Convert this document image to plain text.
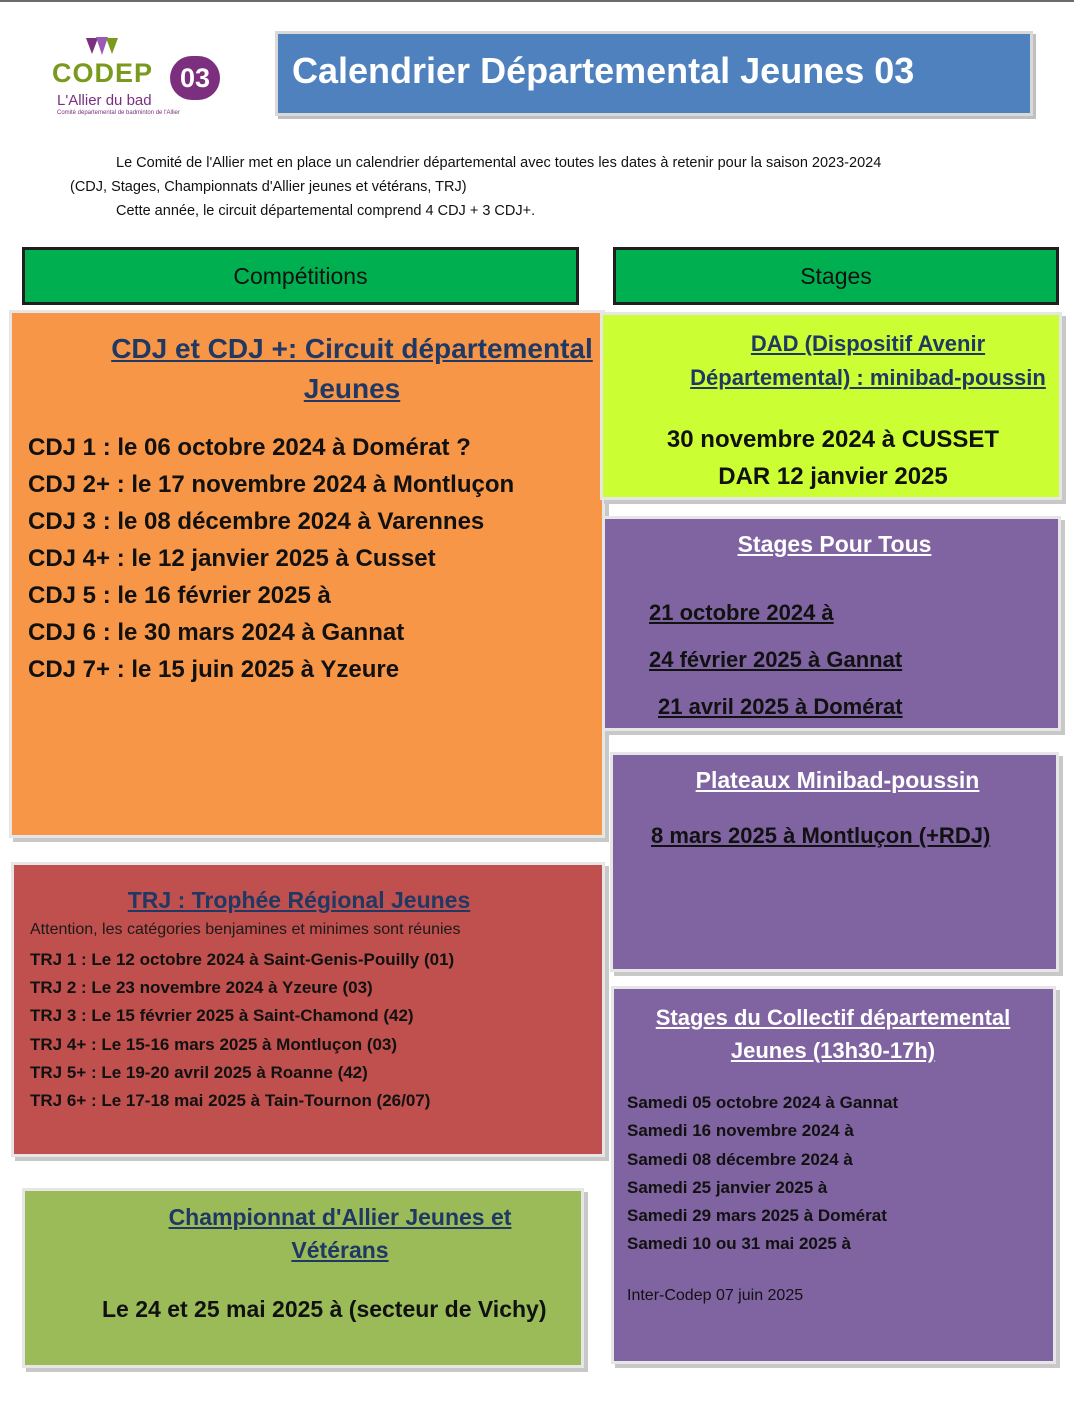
CODEP 03
L'Allier du bad
Comité départemental de badminton de l'Allier
Calendrier Départemental Jeunes 03

Le Comité de l'Allier met en place un calendrier départemental avec toutes les dates à retenir pour la saison 2023-2024

(CDJ, Stages, Championnats d'Allier jeunes et vétérans, TRJ)

Cette année, le circuit départemental comprend 4 CDJ + 3 CDJ+.

Compétitions	Stages
CDJ et CDJ +: Circuit départemental
Jeunes
CDJ 1 : le 06 octobre 2024 à Domérat ?
CDJ 2+ : le 17 novembre 2024 à Montluçon
CDJ 3 : le 08 décembre 2024 à Varennes
CDJ 4+ : le 12 janvier 2025 à Cusset
CDJ 5 : le 16 février 2025 à
CDJ 6 : le 30 mars 2024 à Gannat
CDJ 7+ : le 15 juin 2025 à Yzeure
TRJ : Trophée Régional Jeunes
Attention, les catégories benjamines et minimes sont réunies
TRJ 1 : Le 12 octobre 2024 à Saint-Genis-Pouilly (01)
TRJ 2 : Le 23 novembre 2024 à Yzeure (03)
TRJ 3 : Le 15 février 2025 à Saint-Chamond (42)
TRJ 4+ : Le 15-16 mars 2025 à Montluçon (03)
TRJ 5+ : Le 19-20 avril 2025 à Roanne (42)
TRJ 6+ : Le 17-18 mai 2025 à Tain-Tournon (26/07)
Championnat d'Allier Jeunes et
Vétérans
Le 24 et 25 mai 2025 à (secteur de Vichy)
DAD (Dispositif Avenir
Départemental) : minibad-poussin
30 novembre 2024 à CUSSET
DAR 12 janvier 2025
Stages Pour Tous
21 octobre 2024 à
24 février 2025 à Gannat
21 avril 2025 à Domérat
Plateaux Minibad-poussin
8 mars 2025 à Montluçon (+RDJ)
Stages du Collectif départemental
Jeunes (13h30-17h)
Samedi 05 octobre 2024 à Gannat
Samedi 16 novembre 2024 à
Samedi 08 décembre 2024 à
Samedi 25 janvier 2025 à
Samedi 29 mars 2025 à Domérat
Samedi 10 ou 31 mai 2025 à
Inter-Codep 07 juin 2025
